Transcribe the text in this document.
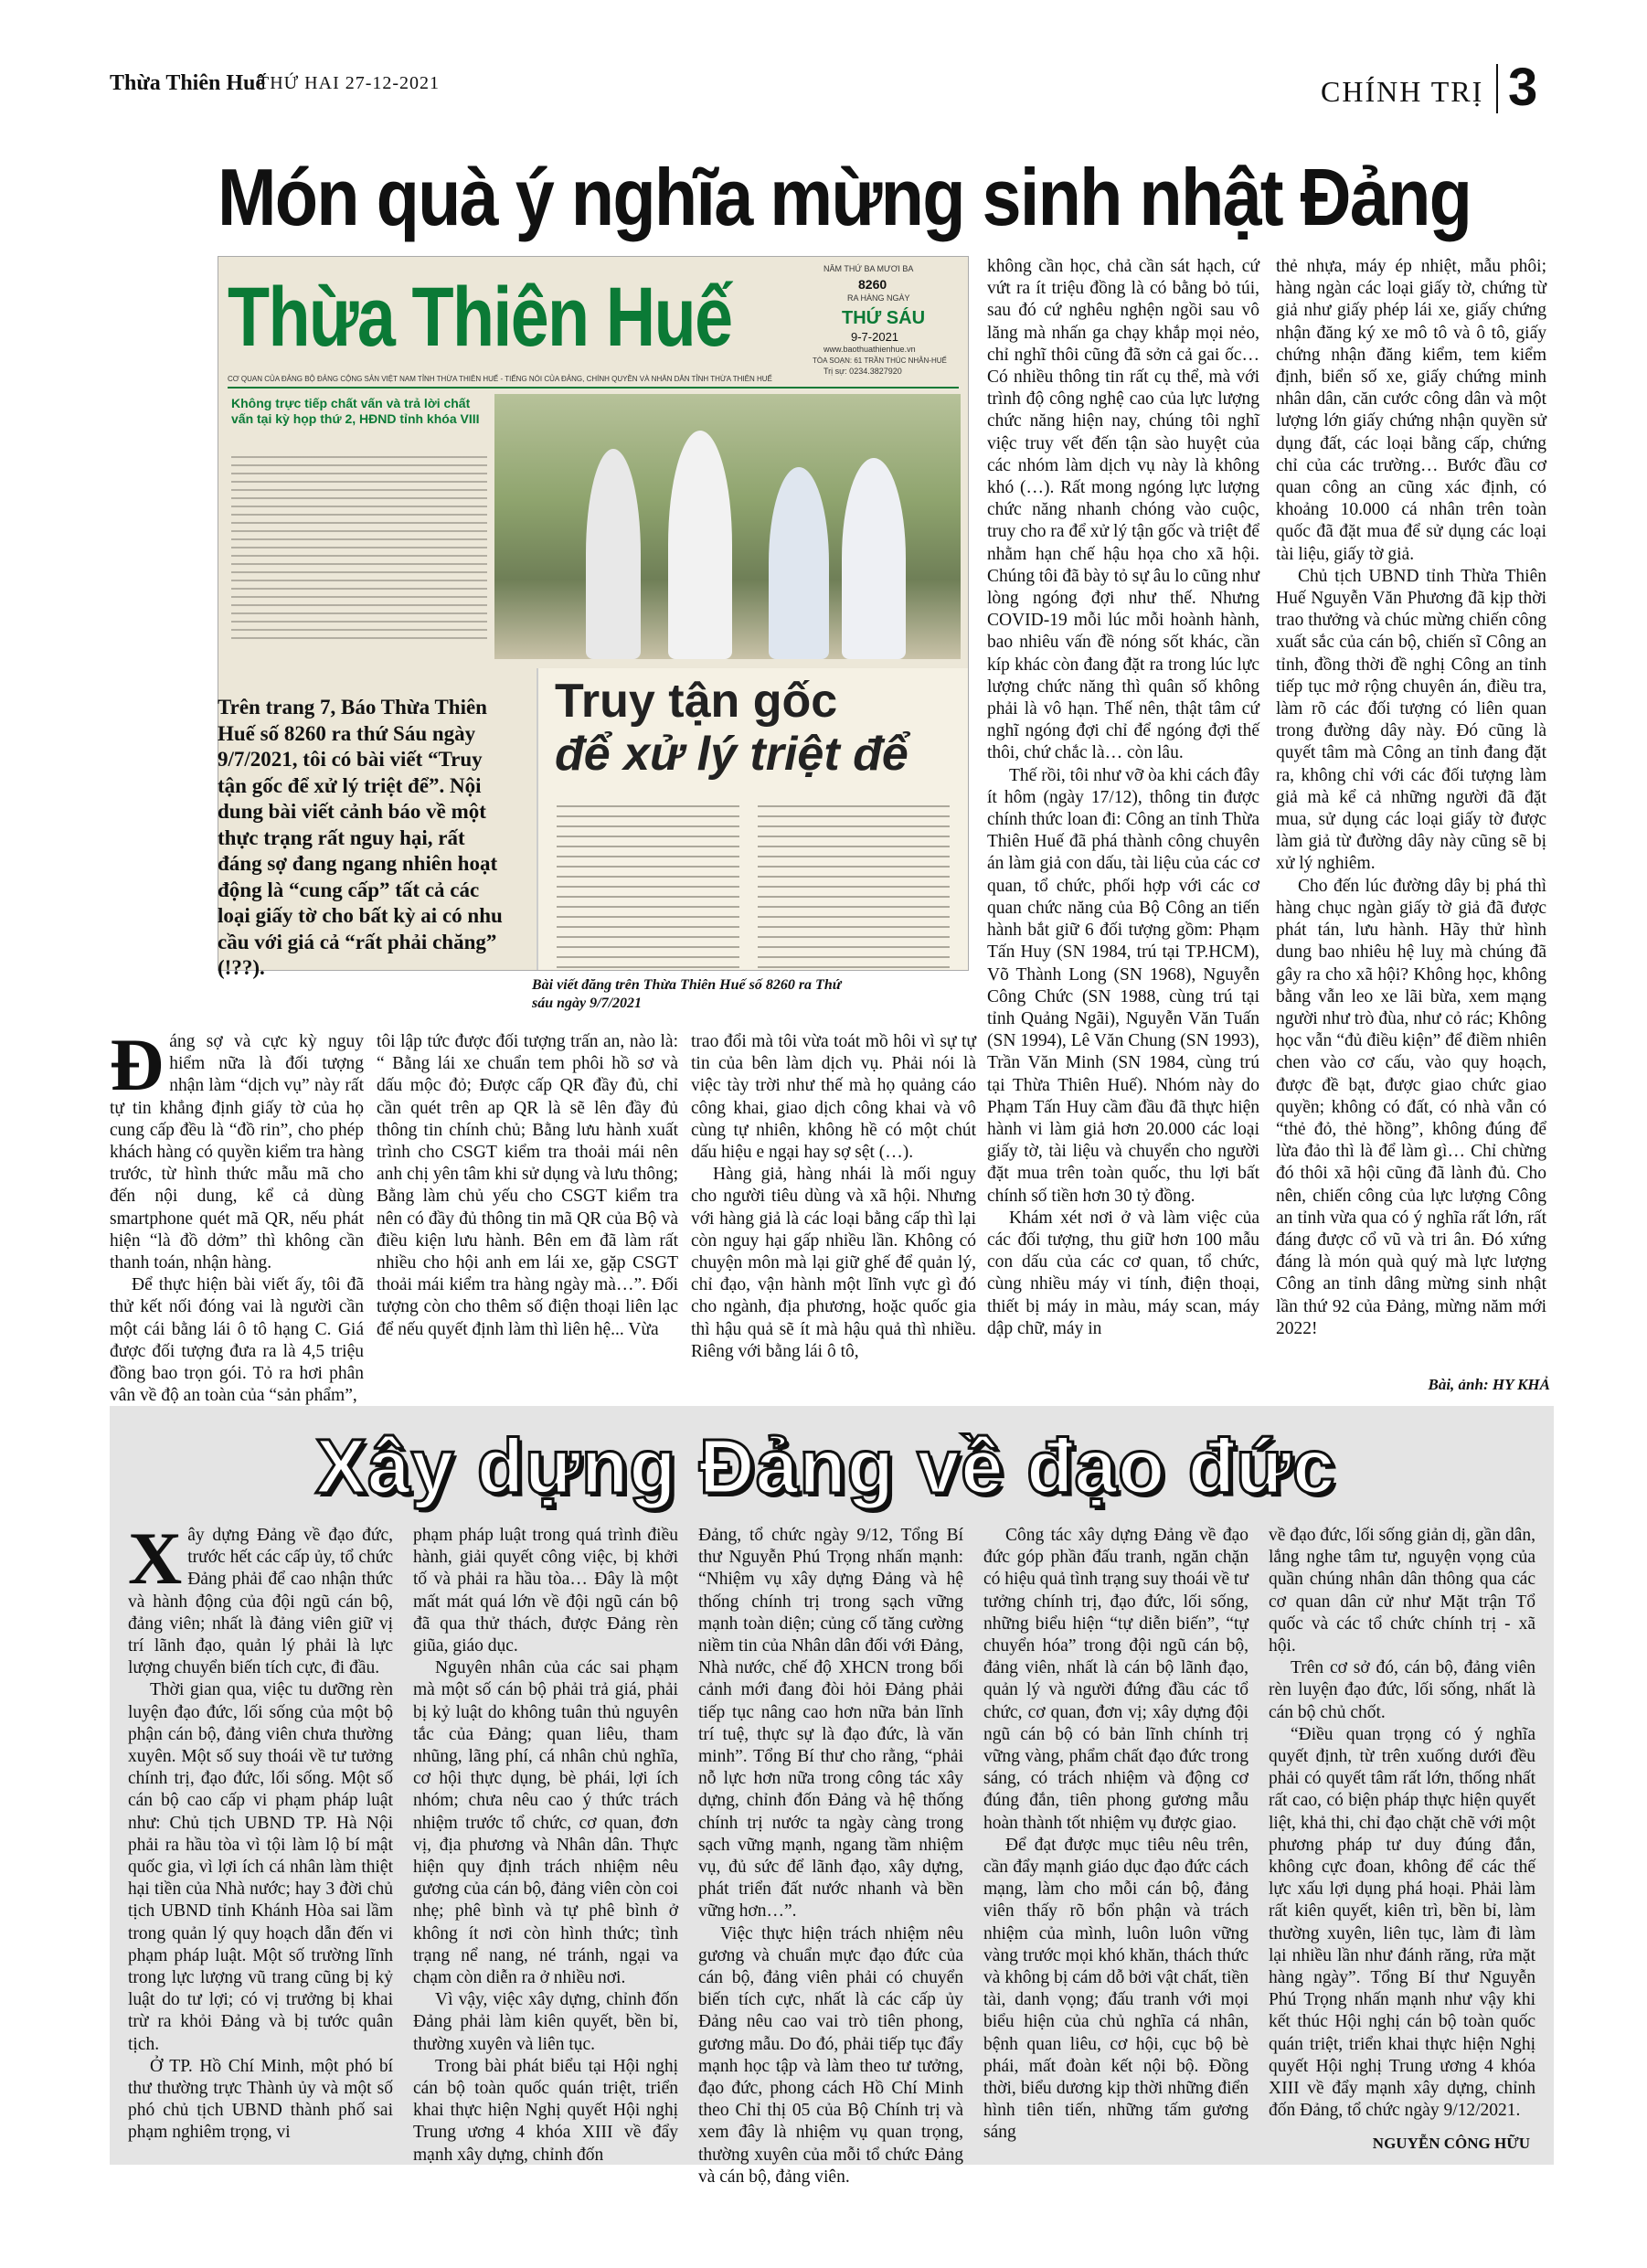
Thừa Thiên Huế
THỨ HAI 27-12-2021	CHÍNH TRỊ 3
Món quà ý nghĩa mừng sinh nhật Đảng
Thừa Thiên Huế
NĂM THỨ BA MƯƠI BA
8260
RA HÀNG NGÀY
THỨ SÁU
9-7-2021
www.baothuathienhue.vn
TÒA SOẠN: 61 TRẦN THÚC NHẪN-HUẾ
Trị sự: 0234.3827920
CƠ QUAN CỦA ĐẢNG BỘ ĐẢNG CỘNG SẢN VIỆT NAM TỈNH THỪA THIÊN HUẾ - TIẾNG NÓI CỦA ĐẢNG, CHÍNH QUYỀN VÀ NHÂN DÂN TỈNH THỪA THIÊN HUẾ
Không trực tiếp chất vấn và trả lời chất vấn tại kỳ họp thứ 2, HĐND tỉnh khóa VIII
Truy tận gốc
để xử lý triệt để
Trên trang 7, Báo Thừa Thiên Huế số 8260 ra thứ Sáu ngày 9/7/2021, tôi có bài viết “Truy tận gốc để xử lý triệt để”. Nội dung bài viết cảnh báo về một thực trạng rất nguy hại, rất đáng sợ đang ngang nhiên hoạt động là “cung cấp” tất cả các loại giấy tờ cho bất kỳ ai có nhu cầu với giá cả “rất phải chăng” (!??).
Bài viết đăng trên Thừa Thiên Huế số 8260 ra Thứ sáu ngày 9/7/2021
Đ áng sợ và cực kỳ nguy hiểm nữa là đối tượng nhận làm “dịch vụ” này rất tự tin khẳng định giấy tờ của họ cung cấp đều là “đồ rin”, cho phép khách hàng có quyền kiểm tra hàng trước, từ hình thức mẫu mã cho đến nội dung, kể cả dùng smartphone quét mã QR, nếu phát hiện “là đồ dởm” thì không cần thanh toán, nhận hàng.

Để thực hiện bài viết ấy, tôi đã thử kết nối đóng vai là người cần một cái bằng lái ô tô hạng C. Giá được đối tượng đưa ra là 4,5 triệu đồng bao trọn gói. Tỏ ra hơi phân vân về độ an toàn của “sản phẩm”,

tôi lập tức được đối tượng trấn an, nào là: “ Bằng lái xe chuẩn tem phôi hồ sơ và dấu mộc đỏ; Được cấp QR đầy đủ, chỉ cần quét trên ap QR là sẽ lên đầy đủ thông tin chính chủ; Bằng lưu hành xuất trình cho CSGT kiểm tra thoải mái nên anh chị yên tâm khi sử dụng và lưu thông; Bằng làm chủ yếu cho CSGT kiểm tra nên có đầy đủ thông tin mã QR của Bộ và điều kiện lưu hành. Bên em đã làm rất nhiều cho hội anh em lái xe, gặp CSGT thoải mái kiểm tra hàng ngày mà…”. Đối tượng còn cho thêm số điện thoại liên lạc để nếu quyết định làm thì liên hệ... Vừa

trao đổi mà tôi vừa toát mồ hôi vì sự tự tin của bên làm dịch vụ. Phải nói là việc tày trời như thế mà họ quảng cáo công khai, giao dịch công khai và vô cùng tự nhiên, không hề có một chút dấu hiệu e ngại hay sợ sệt (…).

Hàng giả, hàng nhái là mối nguy cho người tiêu dùng và xã hội. Nhưng với hàng giả là các loại bằng cấp thì lại còn nguy hại gấp nhiều lần. Không có chuyện môn mà lại giữ ghế để quản lý, chỉ đạo, vận hành một lĩnh vực gì đó cho ngành, địa phương, hoặc quốc gia thì hậu quả sẽ ít mà hậu quả thì nhiều. Riêng với bằng lái ô tô,

không cần học, chả cần sát hạch, cứ vứt ra ít triệu đồng là có bằng bỏ túi, sau đó cứ nghêu nghện ngồi sau vô lăng mà nhấn ga chạy khắp mọi nẻo, chỉ nghĩ thôi cũng đã sởn cả gai ốc… Có nhiều thông tin rất cụ thể, mà với trình độ công nghệ cao của lực lượng chức năng hiện nay, chúng tôi nghĩ việc truy vết đến tận sào huyệt của các nhóm làm dịch vụ này là không khó (…). Rất mong ngóng lực lượng chức năng nhanh chóng vào cuộc, truy cho ra để xử lý tận gốc và triệt để nhằm hạn chế hậu họa cho xã hội. Chúng tôi đã bày tỏ sự âu lo cũng như lòng ngóng đợi như thế. Nhưng COVID-19 mỗi lúc mỗi hoành hành, bao nhiêu vấn đề nóng sốt khác, cần kíp khác còn đang đặt ra trong lúc lực lượng chức năng thì quân số không phải là vô hạn. Thế nên, thật tâm cứ nghĩ ngóng đợi chỉ để ngóng đợi thế thôi, chứ chắc là… còn lâu.

Thế rồi, tôi như vỡ òa khi cách đây ít hôm (ngày 17/12), thông tin được chính thức loan đi: Công an tỉnh Thừa Thiên Huế đã phá thành công chuyên án làm giả con dấu, tài liệu của các cơ quan, tổ chức, phối hợp với các cơ quan chức năng của Bộ Công an tiến hành bắt giữ 6 đối tượng gồm: Phạm Tấn Huy (SN 1984, trú tại TP.HCM), Võ Thành Long (SN 1968), Nguyễn Công Chức (SN 1988, cùng trú tại tỉnh Quảng Ngãi), Nguyễn Văn Tuấn (SN 1994), Lê Văn Chung (SN 1993), Trần Văn Minh (SN 1984, cùng trú tại Thừa Thiên Huế). Nhóm này do Phạm Tấn Huy cầm đầu đã thực hiện hành vi làm giả hơn 20.000 các loại giấy tờ, tài liệu và chuyển cho người đặt mua trên toàn quốc, thu lợi bất chính số tiền hơn 30 tỷ đồng.

Khám xét nơi ở và làm việc của các đối tượng, thu giữ hơn 100 mẫu con dấu của các cơ quan, tổ chức, cùng nhiều máy vi tính, điện thoại, thiết bị máy in màu, máy scan, máy dập chữ, máy in

thẻ nhựa, máy ép nhiệt, mẫu phôi; hàng ngàn các loại giấy tờ, chứng từ giả như giấy phép lái xe, giấy chứng nhận đăng ký xe mô tô và ô tô, giấy chứng nhận đăng kiểm, tem kiểm định, biển số xe, giấy chứng minh nhân dân, căn cước công dân và một lượng lớn giấy chứng nhận quyền sử dụng đất, các loại bằng cấp, chứng chỉ của các trường… Bước đầu cơ quan công an cũng xác định, có khoảng 10.000 cá nhân trên toàn quốc đã đặt mua để sử dụng các loại tài liệu, giấy tờ giả.

Chủ tịch UBND tỉnh Thừa Thiên Huế Nguyễn Văn Phương đã kịp thời trao thưởng và chúc mừng chiến công xuất sắc của cán bộ, chiến sĩ Công an tỉnh, đồng thời đề nghị Công an tỉnh tiếp tục mở rộng chuyên án, điều tra, làm rõ các đối tượng có liên quan trong đường dây này. Đó cũng là quyết tâm mà Công an tỉnh đang đặt ra, không chỉ với các đối tượng làm giả mà kể cả những người đã đặt mua, sử dụng các loại giấy tờ được làm giả từ đường dây này cũng sẽ bị xử lý nghiêm.

Cho đến lúc đường dây bị phá thì hàng chục ngàn giấy tờ giả đã được phát tán, lưu hành. Hãy thử hình dung bao nhiêu hệ luỵ mà chúng đã gây ra cho xã hội? Không học, không bằng vẫn leo xe lãi bừa, xem mạng người như trò đùa, như cỏ rác; Không học vẫn “đủ điều kiện” để điềm nhiên chen vào cơ cấu, vào quy hoạch, được đề bạt, được giao chức giao quyền; không có đất, có nhà vẫn có “thẻ đỏ, thẻ hồng”, không đúng để lừa đảo thì là để làm gì… Chỉ chừng đó thôi xã hội cũng đã lành đủ. Cho nên, chiến công của lực lượng Công an tỉnh vừa qua có ý nghĩa rất lớn, rất đáng được cổ vũ và tri ân. Đó xứng đáng là món quà quý mà lực lượng Công an tỉnh dâng mừng sinh nhật lần thứ 92 của Đảng, mừng năm mới 2022!

Bài, ảnh: HY KHẢ
Xây dựng Đảng về đạo đức
X ây dựng Đảng về đạo đức, trước hết các cấp ủy, tổ chức Đảng phải để cao nhận thức và hành động của đội ngũ cán bộ, đảng viên; nhất là đảng viên giữ vị trí lãnh đạo, quản lý phải là lực lượng chuyển biến tích cực, đi đầu.

Thời gian qua, việc tu dưỡng rèn luyện đạo đức, lối sống của một bộ phận cán bộ, đảng viên chưa thường xuyên. Một số suy thoái về tư tưởng chính trị, đạo đức, lối sống. Một số cán bộ cao cấp vi phạm pháp luật như: Chủ tịch UBND TP. Hà Nội phải ra hầu tòa vì tội làm lộ bí mật quốc gia, vì lợi ích cá nhân làm thiệt hại tiền của Nhà nước; hay 3 đời chủ tịch UBND tỉnh Khánh Hòa sai lầm trong quản lý quy hoạch dẫn đến vi phạm pháp luật. Một số trường lĩnh trong lực lượng vũ trang cũng bị kỷ luật do tư lợi; có vị trưởng bị khai trừ ra khỏi Đảng và bị tước quân tịch.

Ở TP. Hồ Chí Minh, một phó bí thư thường trực Thành ủy và một số phó chủ tịch UBND thành phố sai phạm nghiêm trọng, vi

phạm pháp luật trong quá trình điều hành, giải quyết công việc, bị khởi tố và phải ra hầu tòa… Đây là một mất mát quá lớn về đội ngũ cán bộ đã qua thử thách, được Đảng rèn giũa, giáo dục.

Nguyên nhân của các sai phạm mà một số cán bộ phải trả giá, phải bị kỷ luật do không tuân thủ nguyên tắc của Đảng; quan liêu, tham nhũng, lãng phí, cá nhân chủ nghĩa, cơ hội thực dụng, bè phái, lợi ích nhóm; chưa nêu cao ý thức trách nhiệm trước tổ chức, cơ quan, đơn vị, địa phương và Nhân dân. Thực hiện quy định trách nhiệm nêu gương của cán bộ, đảng viên còn coi nhẹ; phê bình và tự phê bình ở không ít nơi còn hình thức; tình trạng nể nang, né tránh, ngại va chạm còn diễn ra ở nhiều nơi.

Vì vậy, việc xây dựng, chỉnh đốn Đảng phải làm kiên quyết, bền bỉ, thường xuyên và liên tục.

Trong bài phát biểu tại Hội nghị cán bộ toàn quốc quán triệt, triển khai thực hiện Nghị quyết Hội nghị Trung ương 4 khóa XIII về đẩy mạnh xây dựng, chỉnh đốn

Đảng, tổ chức ngày 9/12, Tổng Bí thư Nguyễn Phú Trọng nhấn mạnh: “Nhiệm vụ xây dựng Đảng và hệ thống chính trị trong sạch vững mạnh toàn diện; củng cố tăng cường niềm tin của Nhân dân đối với Đảng, Nhà nước, chế độ XHCN trong bối cảnh mới đang đòi hỏi Đảng phải tiếp tục nâng cao hơn nữa bản lĩnh trí tuệ, thực sự là đạo đức, là văn minh”. Tổng Bí thư cho rằng, “phải nỗ lực hơn nữa trong công tác xây dựng, chỉnh đốn Đảng và hệ thống chính trị nước ta ngày càng trong sạch vững mạnh, ngang tầm nhiệm vụ, đủ sức để lãnh đạo, xây dựng, phát triển đất nước nhanh và bền vững hơn…”.

Việc thực hiện trách nhiệm nêu gương và chuẩn mực đạo đức của cán bộ, đảng viên phải có chuyển biến tích cực, nhất là các cấp ủy Đảng nêu cao vai trò tiên phong, gương mẫu. Do đó, phải tiếp tục đẩy mạnh học tập và làm theo tư tưởng, đạo đức, phong cách Hồ Chí Minh theo Chỉ thị 05 của Bộ Chính trị và xem đây là nhiệm vụ quan trọng, thường xuyên của mỗi tổ chức Đảng và cán bộ, đảng viên.

Công tác xây dựng Đảng về đạo đức góp phần đấu tranh, ngăn chặn có hiệu quả tình trạng suy thoái về tư tưởng chính trị, đạo đức, lối sống, những biểu hiện “tự diễn biến”, “tự chuyển hóa” trong đội ngũ cán bộ, đảng viên, nhất là cán bộ lãnh đạo, quản lý và người đứng đầu các tổ chức, cơ quan, đơn vị; xây dựng đội ngũ cán bộ có bản lĩnh chính trị vững vàng, phẩm chất đạo đức trong sáng, có trách nhiệm và động cơ đúng đắn, tiên phong gương mẫu hoàn thành tốt nhiệm vụ được giao.

Để đạt được mục tiêu nêu trên, cần đẩy mạnh giáo dục đạo đức cách mạng, làm cho mỗi cán bộ, đảng viên thấy rõ bổn phận và trách nhiệm của mình, luôn luôn vững vàng trước mọi khó khăn, thách thức và không bị cám dỗ bởi vật chất, tiền tài, danh vọng; đấu tranh với mọi biểu hiện của chủ nghĩa cá nhân, bệnh quan liêu, cơ hội, cục bộ bè phái, mất đoàn kết nội bộ. Đồng thời, biểu dương kịp thời những điển hình tiên tiến, những tấm gương sáng

về đạo đức, lối sống giản dị, gần dân, lắng nghe tâm tư, nguyện vọng của quần chúng nhân dân thông qua các cơ quan dân cử như Mặt trận Tổ quốc và các tổ chức chính trị - xã hội.

Trên cơ sở đó, cán bộ, đảng viên rèn luyện đạo đức, lối sống, nhất là cán bộ chủ chốt.

“Điều quan trọng có ý nghĩa quyết định, từ trên xuống dưới đều phải có quyết tâm rất lớn, thống nhất rất cao, có biện pháp thực hiện quyết liệt, khả thi, chỉ đạo chặt chẽ với một phương pháp tư duy đúng đắn, không cực đoan, không để các thế lực xấu lợi dụng phá hoại. Phải làm rất kiên quyết, kiên trì, bền bỉ, làm thường xuyên, liên tục, làm đi làm lại nhiều lần như đánh răng, rửa mặt hàng ngày”. Tổng Bí thư Nguyễn Phú Trọng nhấn mạnh như vậy khi kết thúc Hội nghị cán bộ toàn quốc quán triệt, triển khai thực hiện Nghị quyết Hội nghị Trung ương 4 khóa XIII về đẩy mạnh xây dựng, chỉnh đốn Đảng, tổ chức ngày 9/12/2021.

NGUYỄN CÔNG HỮU
